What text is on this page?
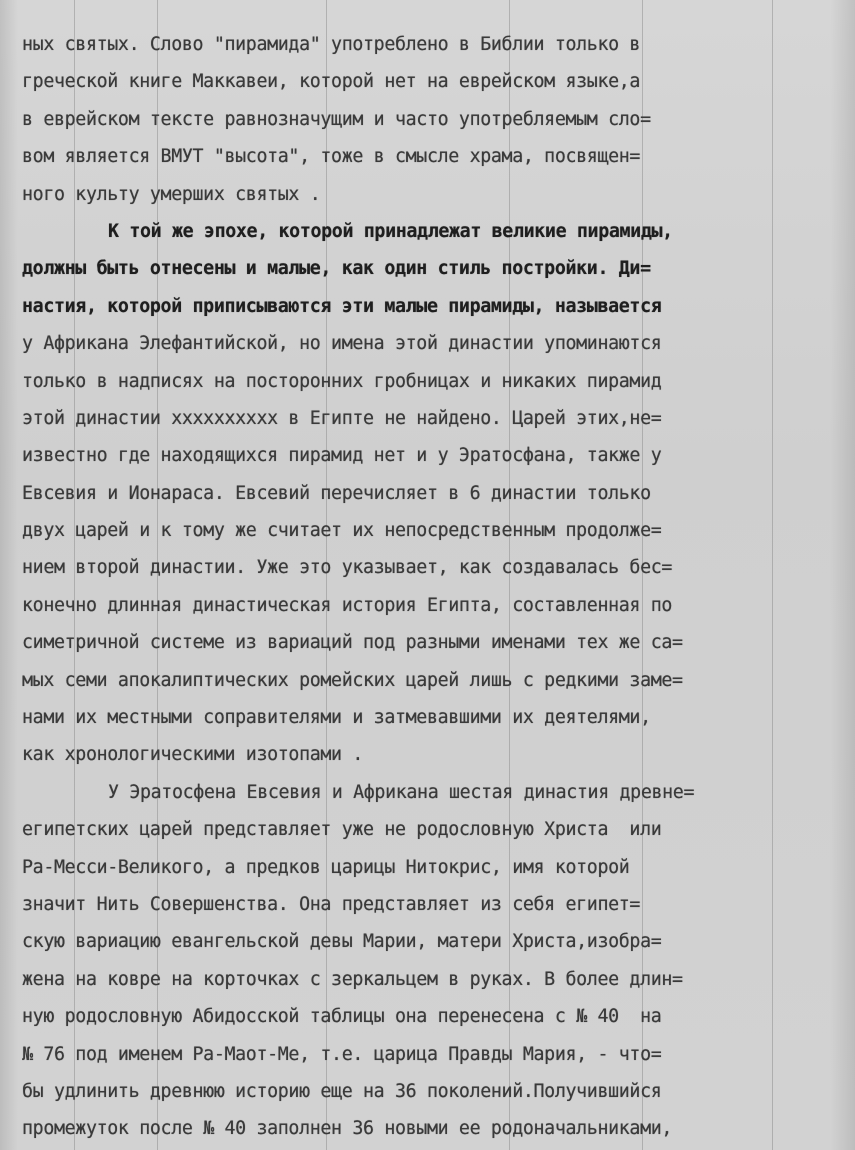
ных святых. Слово "пирамида" употреблено в Библии только в
греческой книге Маккавеи, которой нет на еврейском языке,а
в еврейском тексте равнозначущим и часто употребляемым сло=
вом является ВМУТ "высота", тоже в смысле храма, посвящен=
ного культу умерших святых .
К той же эпохе, которой принадлежат великие пирамиды,
должны быть отнесены и малые, как один стиль постройки. Ди=
настия, которой приписываются эти малые пирамиды, называется
у Африкана Элефантийской, но имена этой династии упоминаются
только в надписях на посторонних гробницах и никаких пирамид
этой династии xxxxxxxxxx в Египте не найдено. Царей этих,не=
известно где находящихся пирамид нет и у Эратосфана, также у
Евсевия и Ионараса. Евсевий перечисляет в 6 династии только
двух царей и к тому же считает их непосредственным продолже=
нием второй династии. Уже это указывает, как создавалась бес=
конечно длинная династическая история Египта, составленная по
симетричной системе из вариаций под разными именами тех же са=
мых семи апокалиптических ромейских царей лишь с редкими заме=
нами их местными соправителями и затмевавшими их деятелями,
как хронологическими изотопами .
У Эратосфена Евсевия и Африкана шестая династия древне=
египетских царей представляет уже не родословную Христа  или
Ра-Месси-Великого, а предков царицы Нитокрис, имя которой
значит Нить Совершенства. Она представляет из себя египет=
скую вариацию евангельской девы Марии, матери Христа,изобра=
жена на ковре на корточках с зеркальцем в руках. В более длин=
ную родословную Абидосской таблицы она перенесена с № 40  на
№ 76 под именем Ра-Маот-Ме, т.е. царица Правды Мария, - что=
бы удлинить древнюю историю еще на 36 поколений.Получившийся
промежуток после № 40 заполнен 36 новыми ее родоначальниками,
